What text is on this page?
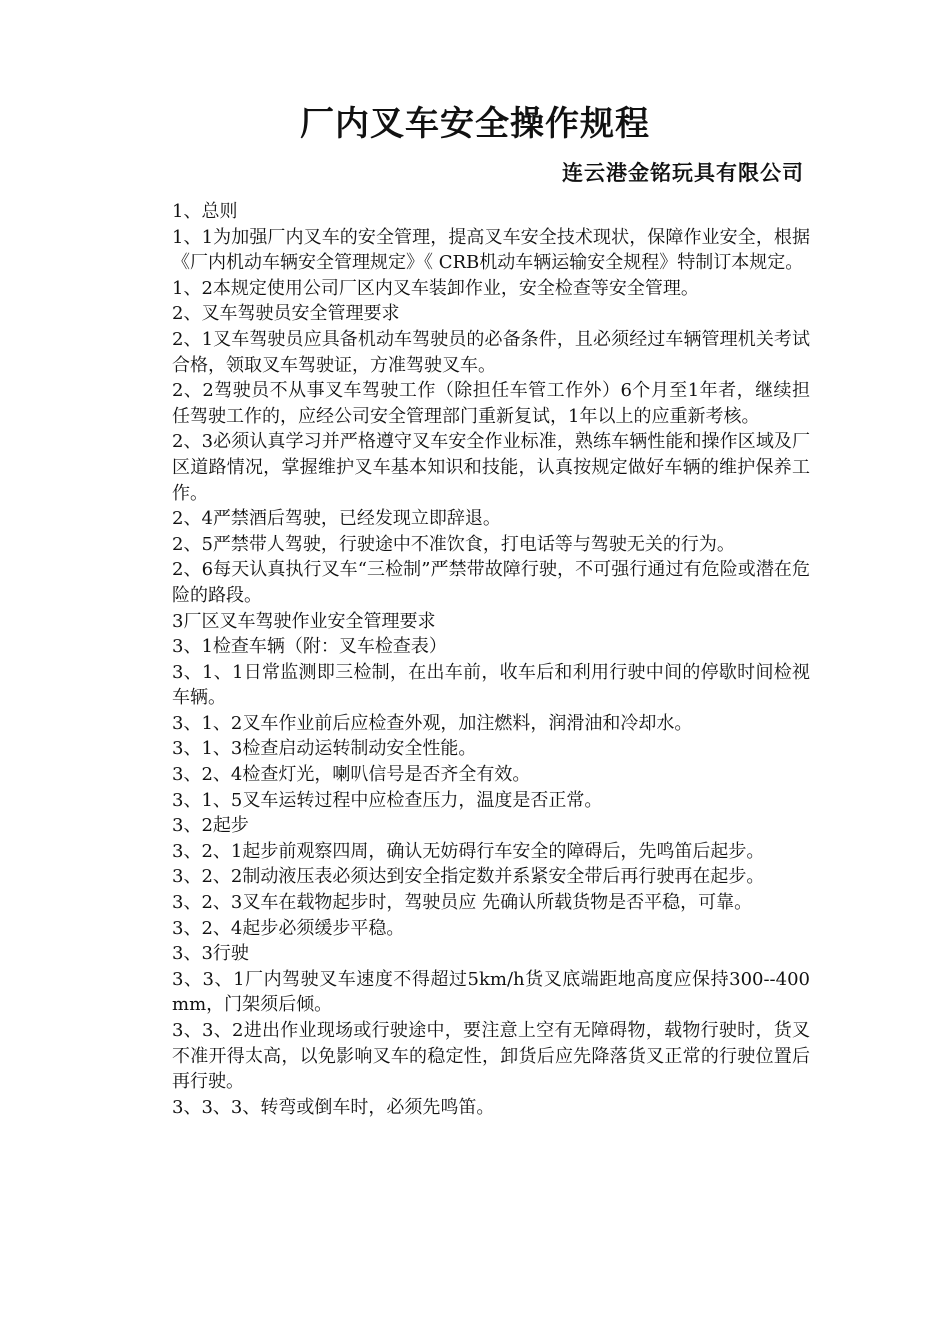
厂内叉车安全操作规程
连云港金铭玩具有限公司

1、总则

1、1为加强厂内叉车的安全管理，提高叉车安全技术现状，保障作业安全，根据《厂内机动车辆安全管理规定》《 CRB机动车辆运输安全规程》特制订本规定。

1、2本规定使用公司厂区内叉车装卸作业，安全检查等安全管理。

2、叉车驾驶员安全管理要求

2、1叉车驾驶员应具备机动车驾驶员的必备条件，且必须经过车辆管理机关考试合格，领取叉车驾驶证，方准驾驶叉车。

2、2驾驶员不从事叉车驾驶工作（除担任车管工作外）6个月至1年者，继续担任驾驶工作的，应经公司安全管理部门重新复试，1年以上的应重新考核。

2、3必须认真学习并严格遵守叉车安全作业标准，熟练车辆性能和操作区域及厂区道路情况，掌握维护叉车基本知识和技能，认真按规定做好车辆的维护保养工作。

2、4严禁酒后驾驶，已经发现立即辞退。

2、5严禁带人驾驶，行驶途中不准饮食，打电话等与驾驶无关的行为。

2、6每天认真执行叉车“三检制”严禁带故障行驶，不可强行通过有危险或潜在危险的路段。

3厂区叉车驾驶作业安全管理要求

3、1检查车辆（附：叉车检查表）

3、1、1日常监测即三检制，在出车前，收车后和利用行驶中间的停歇时间检视车辆。

3、1、2叉车作业前后应检查外观，加注燃料，润滑油和冷却水。

3、1、3检查启动运转制动安全性能。

3、2、4检查灯光，喇叭信号是否齐全有效。

3、1、5叉车运转过程中应检查压力，温度是否正常。

3、2起步

3、2、1起步前观察四周，确认无妨碍行车安全的障碍后，先鸣笛后起步。

3、2、2制动液压表必须达到安全指定数并系紧安全带后再行驶再在起步。

3、2、3叉车在载物起步时，驾驶员应 先确认所载货物是否平稳，可靠。

3、2、4起步必须缓步平稳。

3、3行驶

3、3、1厂内驾驶叉车速度不得超过5km/h货叉底端距地高度应保持300--400mm，门架须后倾。

3、3、2进出作业现场或行驶途中，要注意上空有无障碍物，载物行驶时，货叉不准开得太高，以免影响叉车的稳定性，卸货后应先降落货叉正常的行驶位置后再行驶。

3、3、3、转弯或倒车时，必须先鸣笛。
